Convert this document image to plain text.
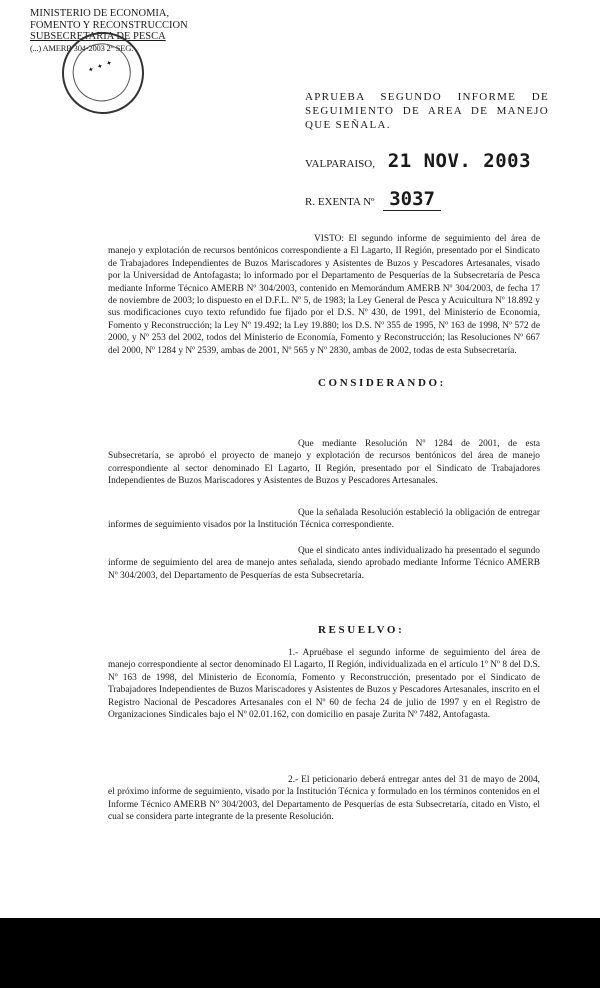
MINISTERIO DE ECONOMIA,
FOMENTO Y RECONSTRUCCION
SUBSECRETARIA DE PESCA
(...) AMERB 304-2003 2° SEG.
✦ ✦ ✦
APRUEBA SEGUNDO INFORME DE SEGUIMIENTO DE AREA DE MANEJO QUE SEÑALA.
VALPARAISO, 21 NOV. 2003
R. EXENTA Nº 3037
VISTO: El segundo informe de seguimiento del área de manejo y explotación de recursos bentónicos correspondiente a El Lagarto, II Región, presentado por el Sindicato de Trabajadores Independientes de Buzos Mariscadores y Asistentes de Buzos y Pescadores Artesanales, visado por la Universidad de Antofagasta; lo informado por el Departamento de Pesquerías de la Subsecretaría de Pesca mediante Informe Técnico AMERB Nº 304/2003, contenido en Memorándum AMERB Nº 304/2003, de fecha 17 de noviembre de 2003; lo dispuesto en el D.F.L. Nº 5, de 1983; la Ley General de Pesca y Acuicultura Nº 18.892 y sus modificaciones cuyo texto refundido fue fijado por el D.S. Nº 430, de 1991, del Ministerio de Economía, Fomento y Reconstrucción; la Ley Nº 19.492; la Ley 19.880; los D.S. Nº 355 de 1995, Nº 163 de 1998, Nº 572 de 2000, y Nº 253 del 2002, todos del Ministerio de Economía, Fomento y Reconstrucción; las Resoluciones Nº 667 del 2000, Nº 1284 y Nº 2539, ambas de 2001, Nº 565 y Nº 2830, ambas de 2002, todas de esta Subsecretaría.
CONSIDERANDO:
Que mediante Resolución Nº 1284 de 2001, de esta Subsecretaría, se aprobó el proyecto de manejo y explotación de recursos bentónicos del área de manejo correspondiente al sector denominado El Lagarto, II Región, presentado por el Sindicato de Trabajadores Independientes de Buzos Mariscadores y Asistentes de Buzos y Pescadores Artesanales.
Que la señalada Resolución estableció la obligación de entregar informes de seguimiento visados por la Institución Técnica correspondiente.
Que el sindicato antes individualizado ha presentado el segundo informe de seguimiento del area de manejo antes señalada, siendo aprobado mediante Informe Técnico AMERB Nº 304/2003, del Departamento de Pesquerías de esta Subsecretaría.
RESUELVO:
1.- Apruébase el segundo informe de seguimiento del área de manejo correspondiente al sector denominado El Lagarto, II Región, individualizada en el artículo 1º Nº 8 del D.S. Nº 163 de 1998, del Ministerio de Economía, Fomento y Reconstrucción, presentado por el Sindicato de Trabajadores Independientes de Buzos Mariscadores y Asistentes de Buzos y Pescadores Artesanales, inscrito en el Registro Nacional de Pescadores Artesanales con el Nº 60 de fecha 24 de julio de 1997 y en el Registro de Organizaciones Sindicales bajo el Nº 02.01.162, con domicilio en pasaje Zurita Nº 7482, Antofagasta.
2.- El peticionario deberá entregar antes del 31 de mayo de 2004, el próximo informe de seguimiento, visado por la Institución Técnica y formulado en los términos contenidos en el Informe Técnico AMERB Nº 304/2003, del Departamento de Pesquerías de esta Subsecretaría, citado en Visto, el cual se considera parte integrante de la presente Resolución.
